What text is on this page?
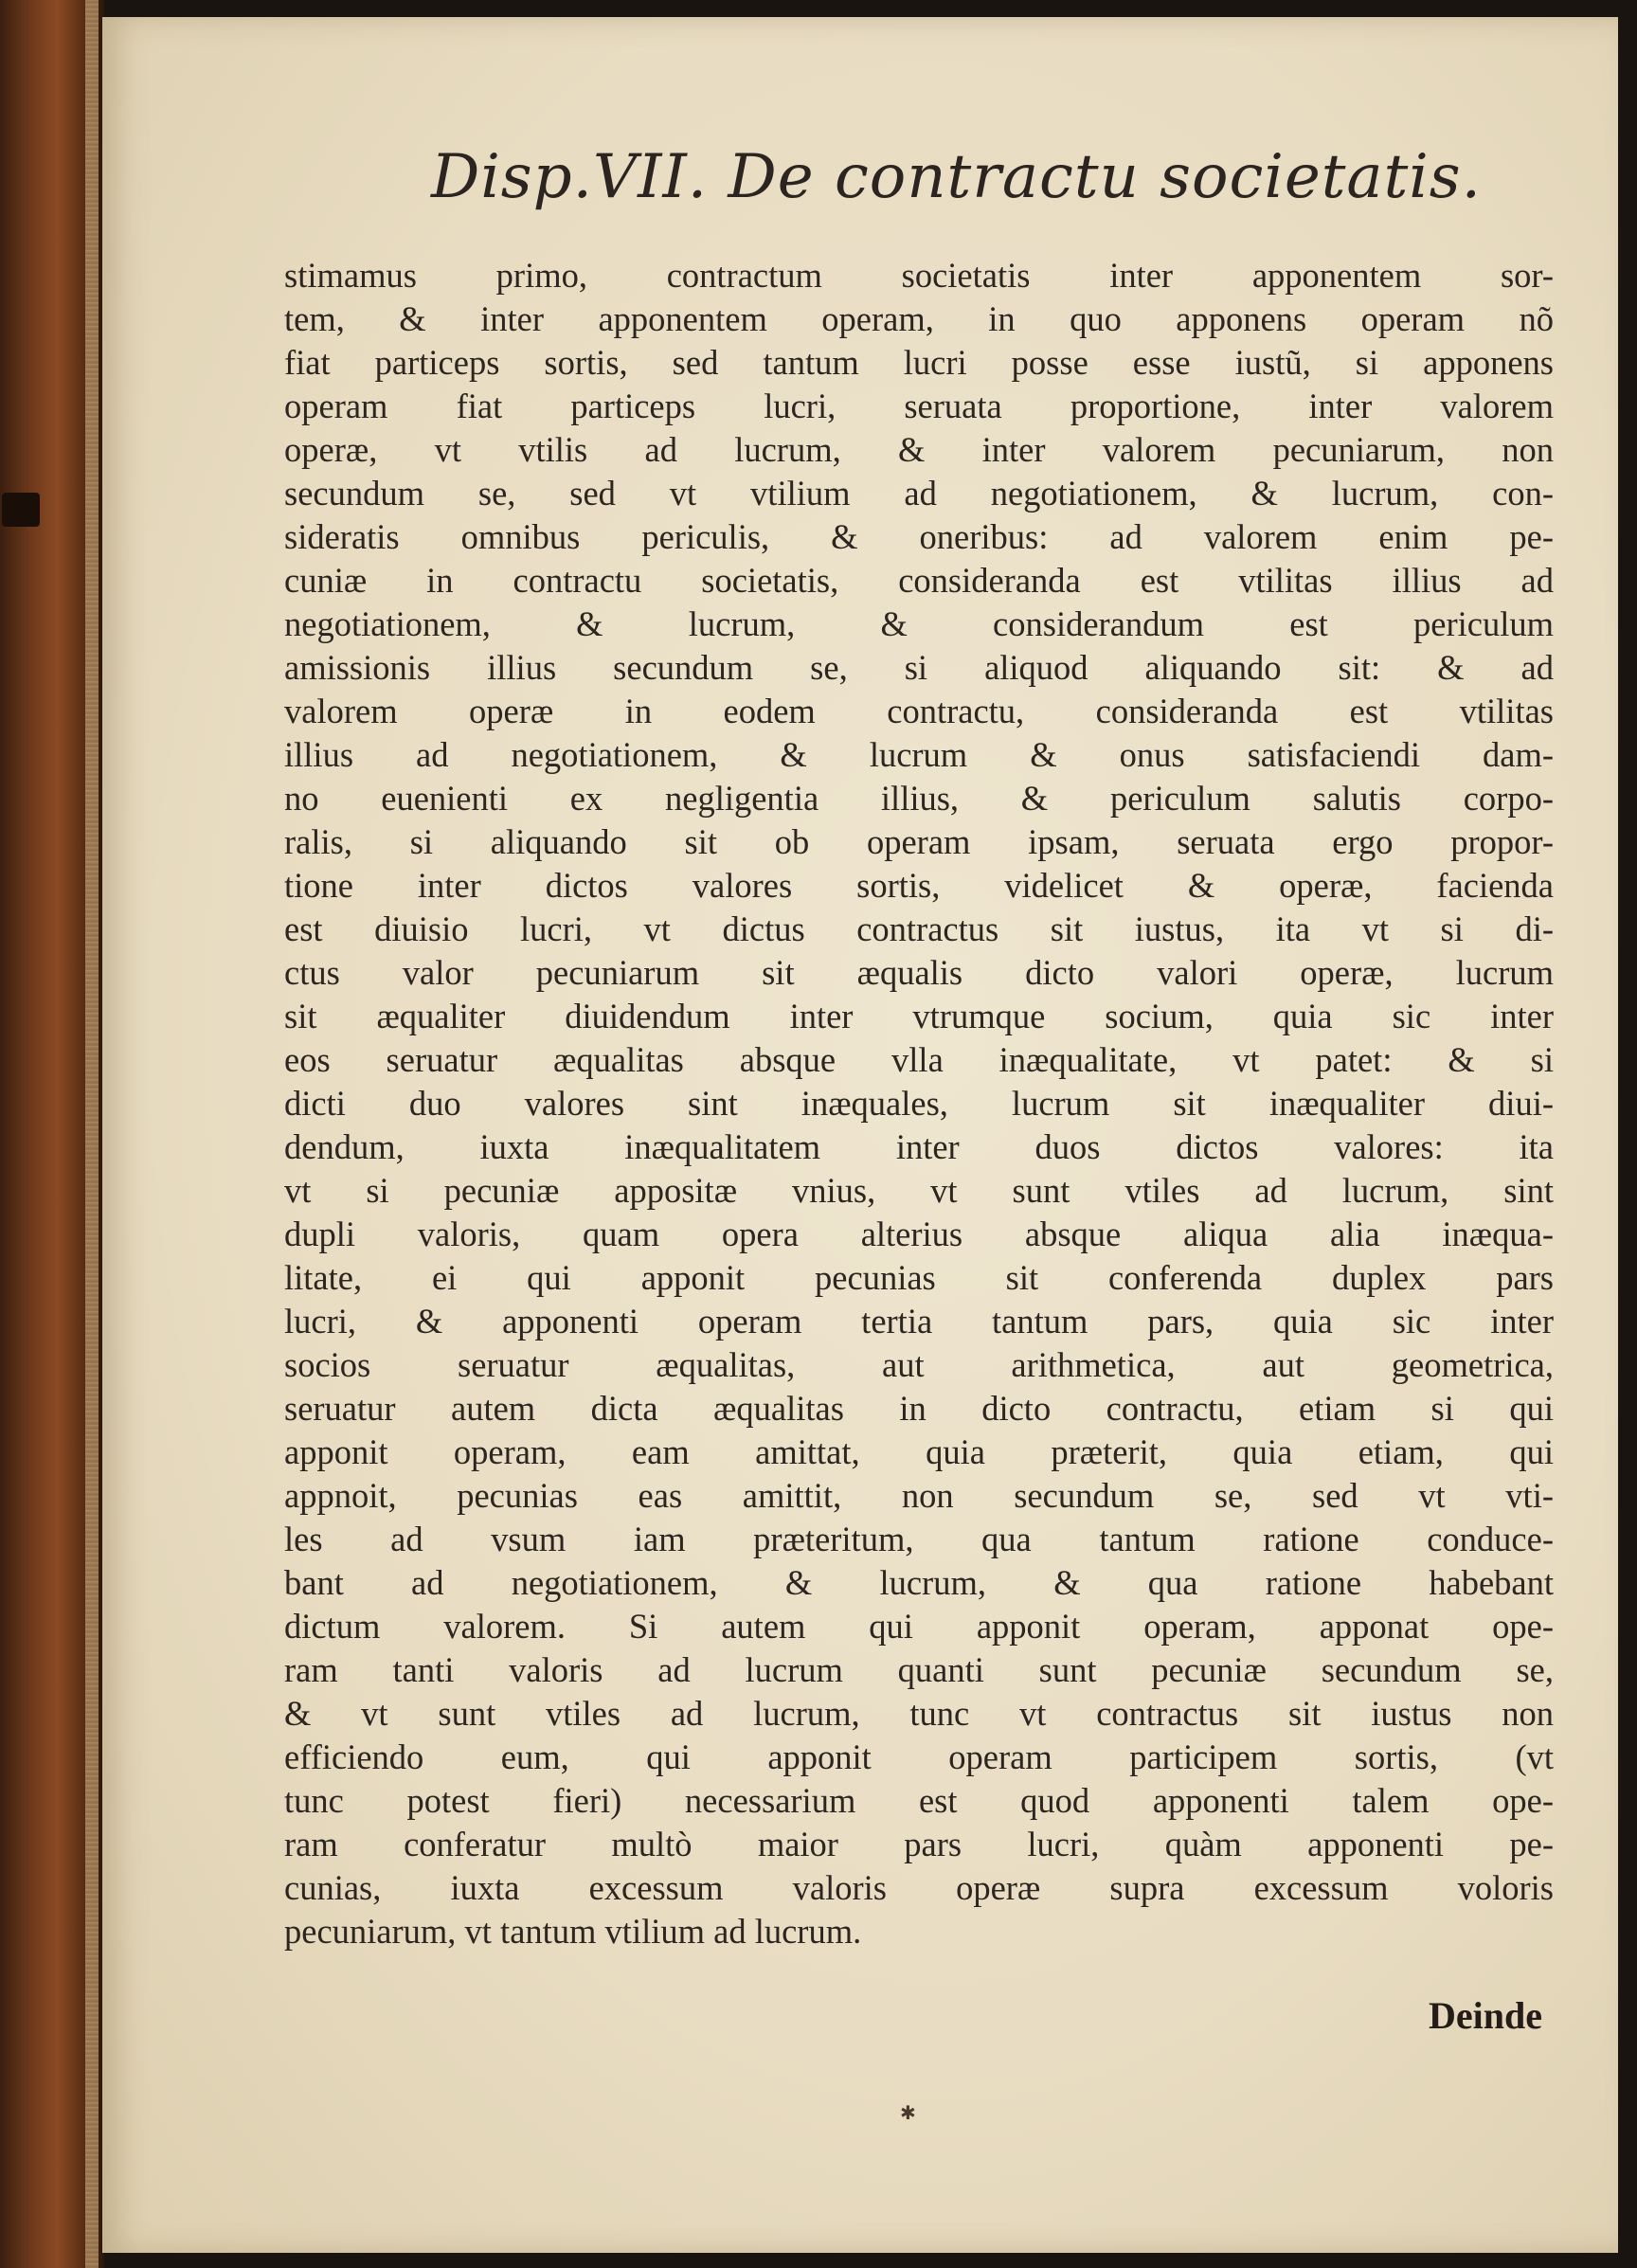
Disp.VII. De contractu societatis.
stimamus primo, contractum societatis inter apponentem sor-
tem, & inter apponentem operam, in quo apponens operam nõ
fiat particeps sortis, sed tantum lucri posse esse iustũ, si apponens
operam fiat particeps lucri, seruata proportione, inter valorem
operæ, vt vtilis ad lucrum, & inter valorem pecuniarum, non
secundum se, sed vt vtilium ad negotiationem, & lucrum, con-
sideratis omnibus periculis, & oneribus: ad valorem enim pe-
cuniæ in contractu societatis, consideranda est vtilitas illius ad
negotiationem, & lucrum, & considerandum est periculum
amissionis illius secundum se, si aliquod aliquando sit: & ad
valorem operæ in eodem contractu, consideranda est vtilitas
illius ad negotiationem, & lucrum & onus satisfaciendi dam-
no euenienti ex negligentia illius, & periculum salutis corpo-
ralis, si aliquando sit ob operam ipsam, seruata ergo propor-
tione inter dictos valores sortis, videlicet & operæ, facienda
est diuisio lucri, vt dictus contractus sit iustus, ita vt si di-
ctus valor pecuniarum sit æqualis dicto valori operæ, lucrum
sit æqualiter diuidendum inter vtrumque socium, quia sic inter
eos seruatur æqualitas absque vlla inæqualitate, vt patet: & si
dicti duo valores sint inæquales, lucrum sit inæqualiter diui-
dendum, iuxta inæqualitatem inter duos dictos valores: ita
vt si pecuniæ appositæ vnius, vt sunt vtiles ad lucrum, sint
dupli valoris, quam opera alterius absque aliqua alia inæqua-
litate, ei qui apponit pecunias sit conferenda duplex pars
lucri, & apponenti operam tertia tantum pars, quia sic inter
socios seruatur æqualitas, aut arithmetica, aut geometrica,
seruatur autem dicta æqualitas in dicto contractu, etiam si qui
apponit operam, eam amittat, quia præterit, quia etiam, qui
appnoit, pecunias eas amittit, non secundum se, sed vt vti-
les ad vsum iam præteritum, qua tantum ratione conduce-
bant ad negotiationem, & lucrum, & qua ratione habebant
dictum valorem. Si autem qui apponit operam, apponat ope-
ram tanti valoris ad lucrum quanti sunt pecuniæ secundum se,
& vt sunt vtiles ad lucrum, tunc vt contractus sit iustus non
efficiendo eum, qui apponit operam participem sortis, (vt
tunc potest fieri) necessarium est quod apponenti talem ope-
ram conferatur multò maior pars lucri, quàm apponenti pe-
cunias, iuxta excessum valoris operæ supra excessum voloris
pecuniarum, vt tantum vtilium ad lucrum.
Deinde
✱
